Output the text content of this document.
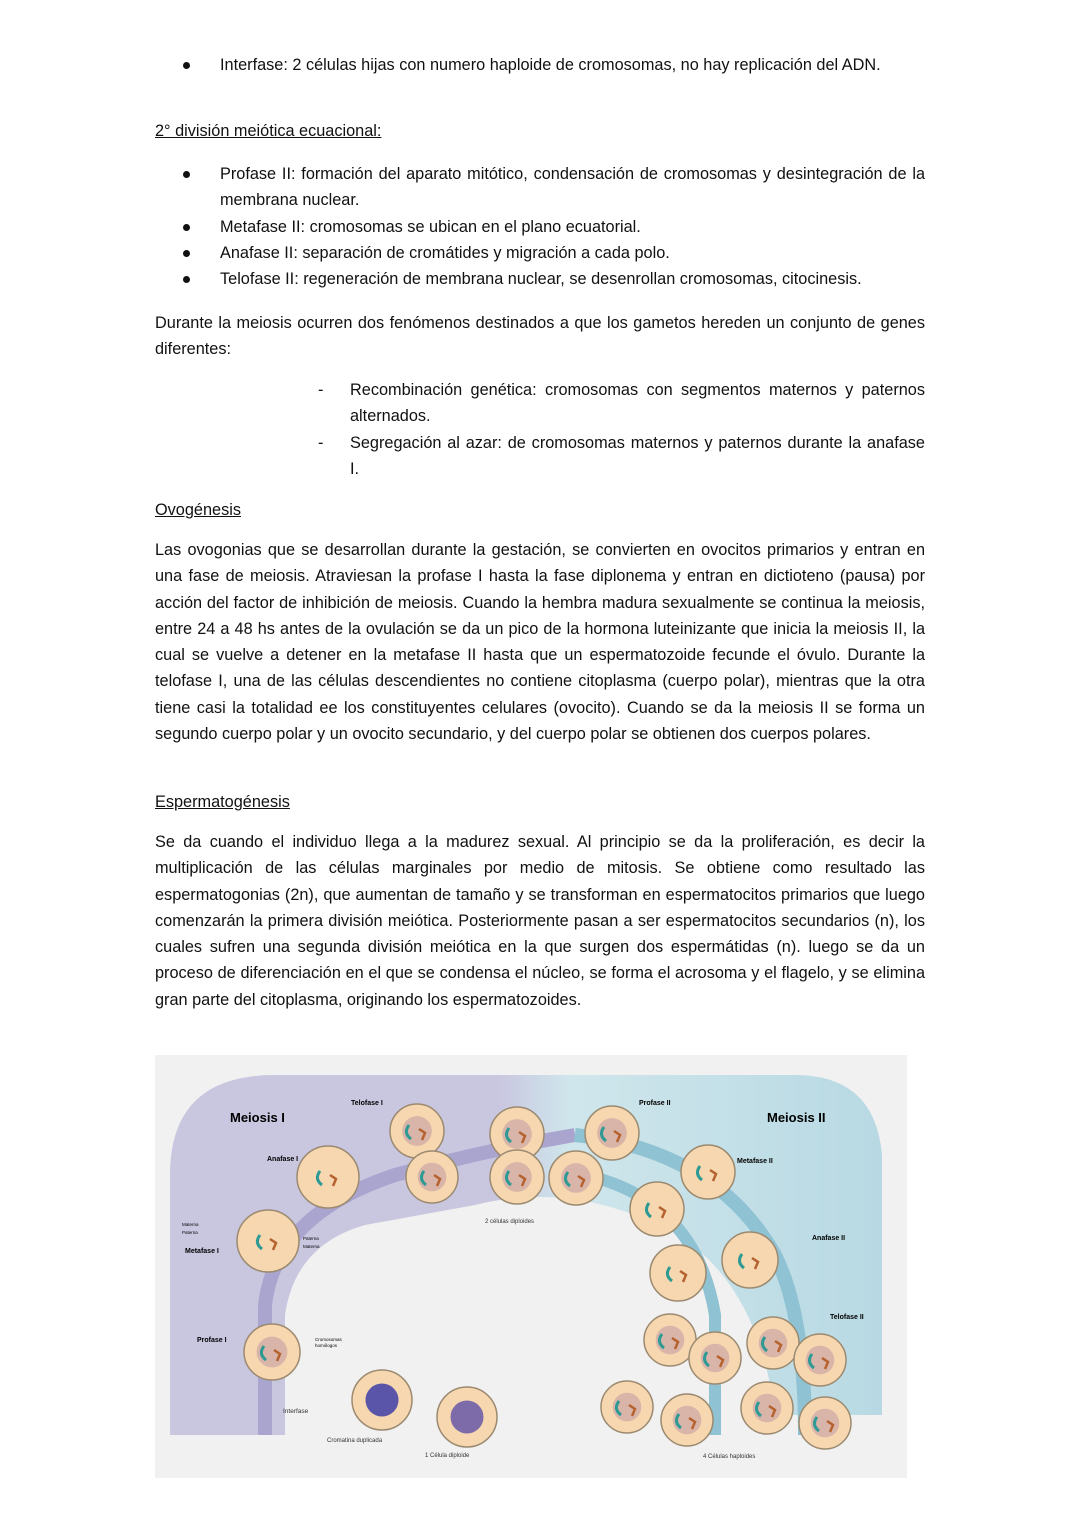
Interfase: 2 células hijas con numero haploide de cromosomas, no hay replicación del ADN.
2° división meiótica ecuacional:
Profase II: formación del aparato mitótico, condensación de cromosomas y desintegración de la membrana nuclear.
Metafase II: cromosomas se ubican en el plano ecuatorial.
Anafase II: separación de cromátides y migración a cada polo.
Telofase II: regeneración de membrana nuclear, se desenrollan cromosomas, citocinesis.
Durante la meiosis ocurren dos fenómenos destinados a que los gametos hereden un conjunto de genes diferentes:
- Recombinación genética: cromosomas con segmentos maternos y paternos alternados.
- Segregación al azar: de cromosomas maternos y paternos durante la anafase I.
Ovogénesis
Las ovogonias que se desarrollan durante la gestación, se convierten en ovocitos primarios y entran en una fase de meiosis. Atraviesan la profase I hasta la fase diplonema y entran en dictioteno (pausa) por acción del factor de inhibición de meiosis. Cuando la hembra madura sexualmente se continua la meiosis, entre 24 a 48 hs antes de la ovulación se da un pico de la hormona luteinizante que inicia la meiosis II, la cual se vuelve a detener en la metafase II hasta que un espermatozoide fecunde el óvulo. Durante la telofase I, una de las células descendientes no contiene citoplasma (cuerpo polar), mientras que la otra tiene casi la totalidad ee los constituyentes celulares (ovocito). Cuando se da la meiosis II se forma un segundo cuerpo polar y un ovocito secundario, y del cuerpo polar se obtienen dos cuerpos polares.
Espermatogénesis
Se da cuando el individuo llega a la madurez sexual. Al principio se da la proliferación, es decir la multiplicación de las células marginales por medio de mitosis. Se obtiene como resultado las espermatogonias (2n), que aumentan de tamaño y se transforman en espermatocitos primarios que luego comenzarán la primera división meiótica. Posteriormente pasan a ser espermatocitos secundarios (n), los cuales sufren una segunda división meiótica en la que surgen dos espermátidas (n). luego se da un proceso de diferenciación en el que se condensa el núcleo, se forma el acrosoma y el flagelo, y se elimina gran parte del citoplasma, originando los espermatozoides.
Meiosis I	Meiosis II
Telofase I
Anafase I
Metafase I
Profase I
Interfase
Materna
Paterna
Paterna
Materna
Cromosomas
homólogos
Cromatina duplicada
1 Célula diploide
2 células diploides
Profase II
Metafase II
Anafase II
Telofase II
4 Células haploides
